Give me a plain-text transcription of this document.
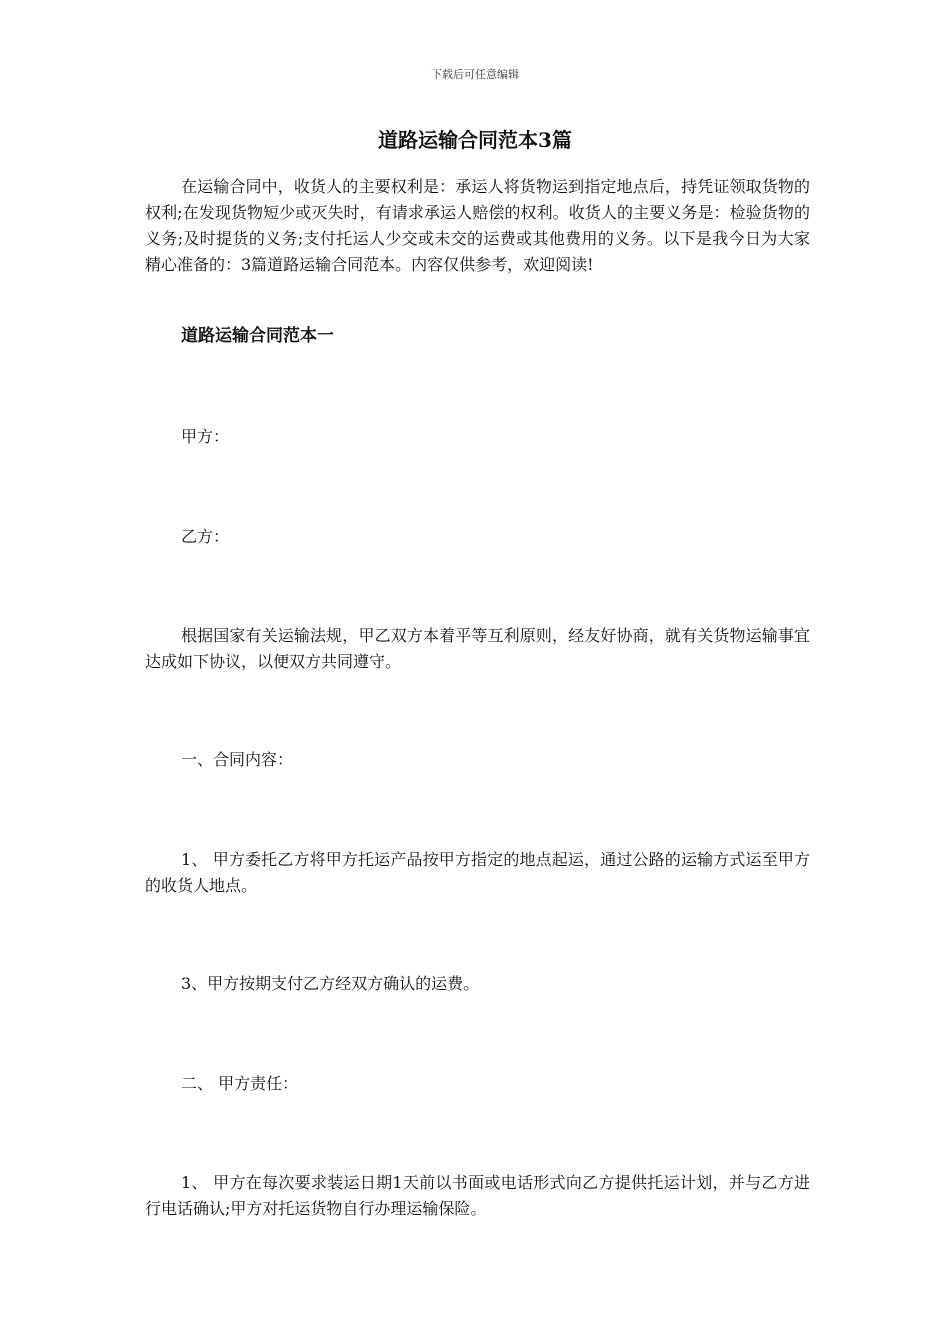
下载后可任意编辑
道路运输合同范本3篇

在运输合同中，收货人的主要权利是：承运人将货物运到指定地点后，持凭证领取货物的权利;在发现货物短少或灭失时，有请求承运人赔偿的权利。收货人的主要义务是：检验货物的义务;及时提货的义务;支付托运人少交或未交的运费或其他费用的义务。以下是我今日为大家精心准备的：3篇道路运输合同范本。内容仅供参考，欢迎阅读!

道路运输合同范本一

甲方：

乙方：

根据国家有关运输法规，甲乙双方本着平等互利原则，经友好协商，就有关货物运输事宜达成如下协议，以便双方共同遵守。

一、合同内容：

1、 甲方委托乙方将甲方托运产品按甲方指定的地点起运，通过公路的运输方式运至甲方的收货人地点。

3、甲方按期支付乙方经双方确认的运费。

二、 甲方责任：

1、 甲方在每次要求装运日期1天前以书面或电话形式向乙方提供托运计划，并与乙方进行电话确认;甲方对托运货物自行办理运输保险。
